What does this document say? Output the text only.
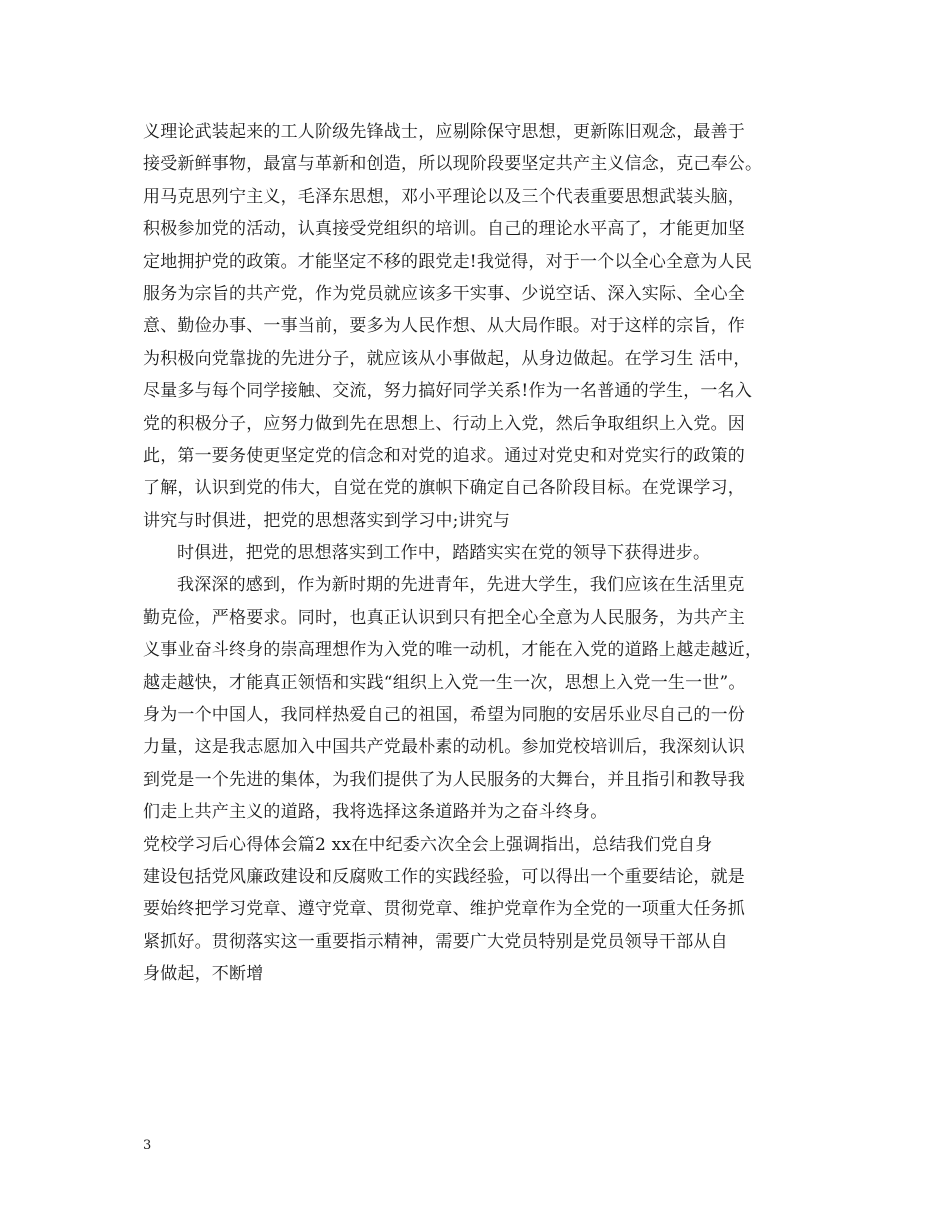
义理论武装起来的工人阶级先锋战士，应剔除保守思想，更新陈旧观念，最善于
接受新鲜事物，最富与革新和创造，所以现阶段要坚定共产主义信念，克己奉公。
用马克思列宁主义，毛泽东思想，邓小平理论以及三个代表重要思想武装头脑，
积极参加党的活动，认真接受党组织的培训。自己的理论水平高了，才能更加坚
定地拥护党的政策。才能坚定不移的跟党走!我觉得，对于一个以全心全意为人民
服务为宗旨的共产党，作为党员就应该多干实事、少说空话、深入实际、全心全
意、勤俭办事、一事当前，要多为人民作想、从大局作眼。对于这样的宗旨，作
为积极向党靠拢的先进分子，就应该从小事做起，从身边做起。在学习生 活中，
尽量多与每个同学接触、交流，努力搞好同学关系!作为一名普通的学生，一名入
党的积极分子，应努力做到先在思想上、行动上入党，然后争取组织上入党。因
此，第一要务使更坚定党的信念和对党的追求。通过对党史和对党实行的政策的
了解，认识到党的伟大，自觉在党的旗帜下确定自己各阶段目标。在党课学习，
讲究与时俱进，把党的思想落实到学习中;讲究与
时俱进，把党的思想落实到工作中，踏踏实实在党的领导下获得进步。
我深深的感到，作为新时期的先进青年，先进大学生，我们应该在生活里克
勤克俭，严格要求。同时，也真正认识到只有把全心全意为人民服务，为共产主
义事业奋斗终身的崇高理想作为入党的唯一动机，才能在入党的道路上越走越近，
越走越快，才能真正领悟和实践“组织上入党一生一次，思想上入党一生一世”。
身为一个中国人，我同样热爱自己的祖国，希望为同胞的安居乐业尽自己的一份
力量，这是我志愿加入中国共产党最朴素的动机。参加党校培训后，我深刻认识
到党是一个先进的集体，为我们提供了为人民服务的大舞台，并且指引和教导我
们走上共产主义的道路，我将选择这条道路并为之奋斗终身。
党校学习后心得体会篇2 xx在中纪委六次全会上强调指出，总结我们党自身
建设包括党风廉政建设和反腐败工作的实践经验，可以得出一个重要结论，就是
要始终把学习党章、遵守党章、贯彻党章、维护党章作为全党的一项重大任务抓
紧抓好。贯彻落实这一重要指示精神，需要广大党员特别是党员领导干部从自
身做起，不断增
3
